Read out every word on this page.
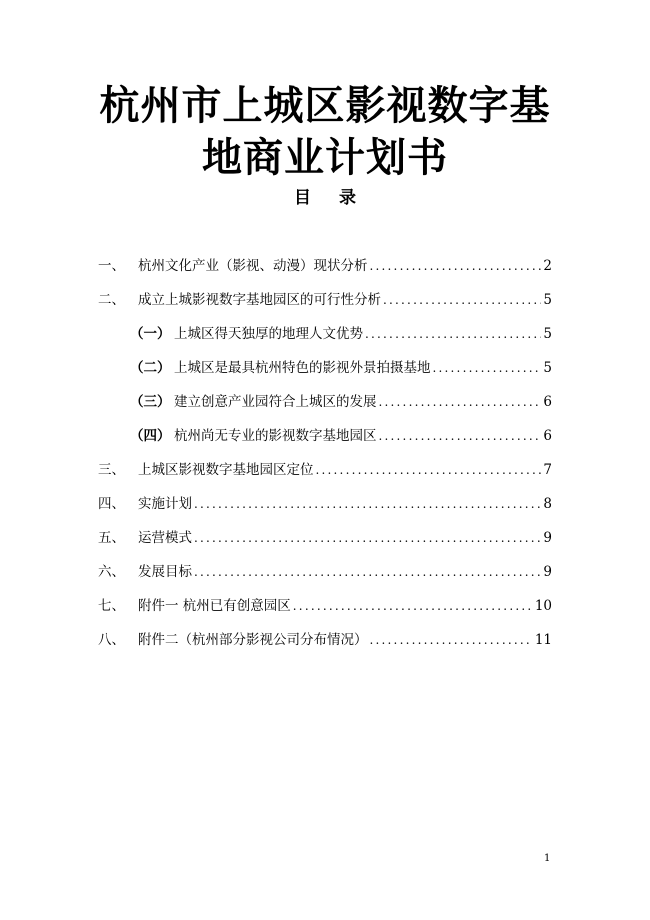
杭州市上城区影视数字基
地商业计划书
目 录
一、 杭州文化产业（影视、动漫）现状分析 .....	2
二、 成立上城影视数字基地园区的可行性分析 .....	5
（一） 上城区得天独厚的地理人文优势 .....	5
（二） 上城区是最具杭州特色的影视外景拍摄基地 .....	5
（三） 建立创意产业园符合上城区的发展 .....	6
（四） 杭州尚无专业的影视数字基地园区 .....	6
三、 上城区影视数字基地园区定位 .....	7
四、 实施计划 .....	8
五、 运营模式 .....	9
六、 发展目标 .....	9
七、 附件一 杭州已有创意园区 .....	10
八、 附件二（杭州部分影视公司分布情况） .....	11
1
